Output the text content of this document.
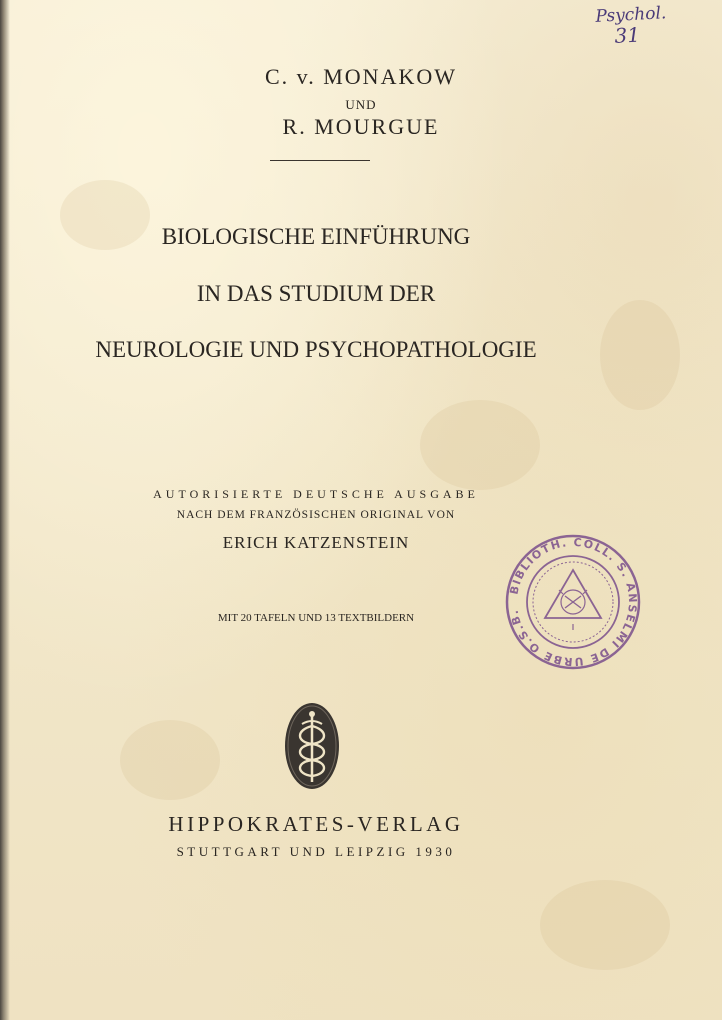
Psychol.
31
C. v. MONAKOW
UND
R. MOURGUE
BIOLOGISCHE EINFÜHRUNG
IN DAS STUDIUM DER
NEUROLOGIE UND PSYCHOPATHOLOGIE
AUTORISIERTE DEUTSCHE AUSGABE
NACH DEM FRANZÖSISCHEN ORIGINAL VON
ERICH KATZENSTEIN
MIT 20 TAFELN UND 13 TEXTBILDERN
BIBLIOTH. COLL. S. ANSELMI DE URBE O.S.B.
HIPPOKRATES-VERLAG
STUTTGART UND LEIPZIG 1930
